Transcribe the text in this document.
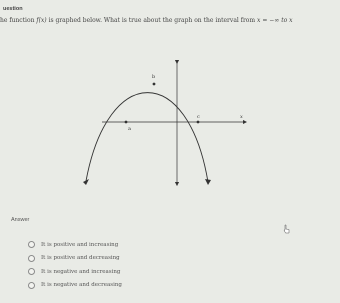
uestion
he function f(x) is graphed below. What is true about the graph on the interval from x = −∞ to x
a
b
c	x
Answer
It is positive and increasing
It is positive and decreasing
It is negative and increasing
It is negative and decreasing
